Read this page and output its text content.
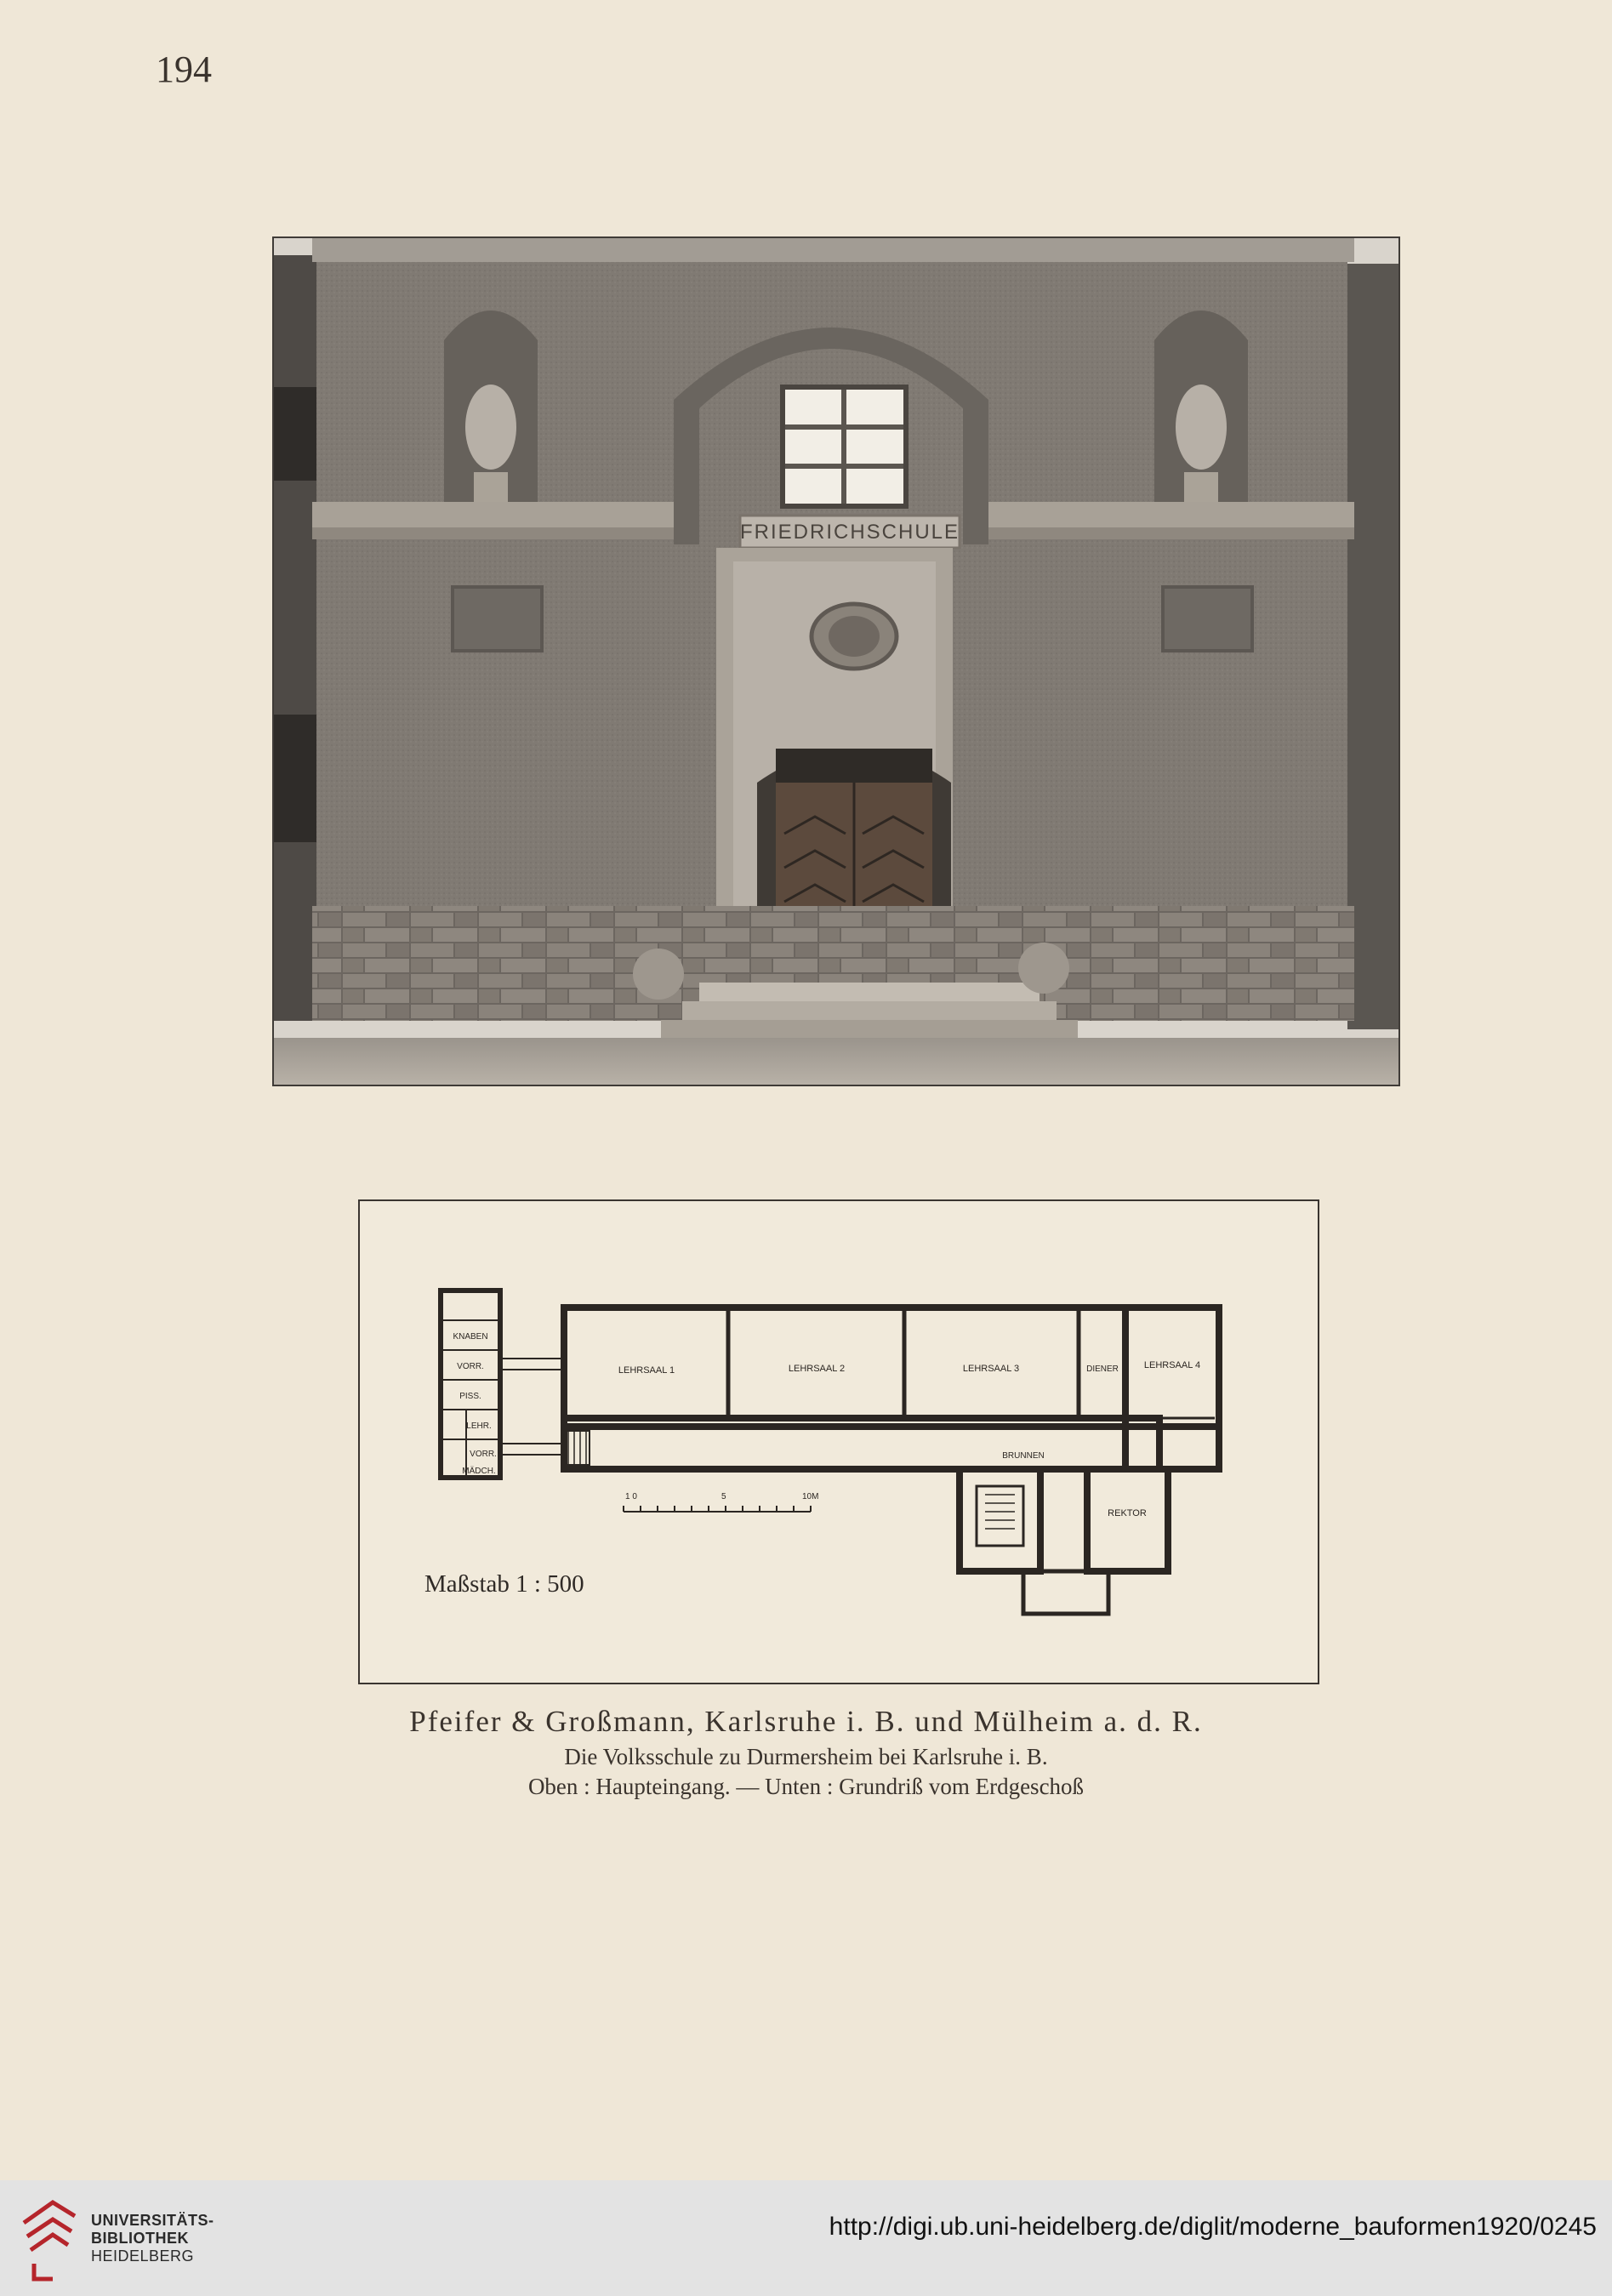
194
FRIEDRICHSCHULE
LEHRSAAL 1	LEHRSAAL 2	LEHRSAAL 3	DIENER	LEHRSAAL 4
BRUNNEN
REKTOR
KNABEN
VORR.
PISS.
LEHR.
VORR.
MÄDCH.
1 0	5	10M
Maßstab 1 : 500
Pfeifer & Großmann, Karlsruhe i. B. und Mülheim a. d. R.
Die Volksschule zu Durmersheim bei Karlsruhe i. B.
Oben : Haupteingang. — Unten : Grundriß vom Erdgeschoß
UNIVERSITÄTS-
BIBLIOTHEK
HEIDELBERG
http://digi.ub.uni-heidelberg.de/diglit/moderne_bauformen1920/0245
